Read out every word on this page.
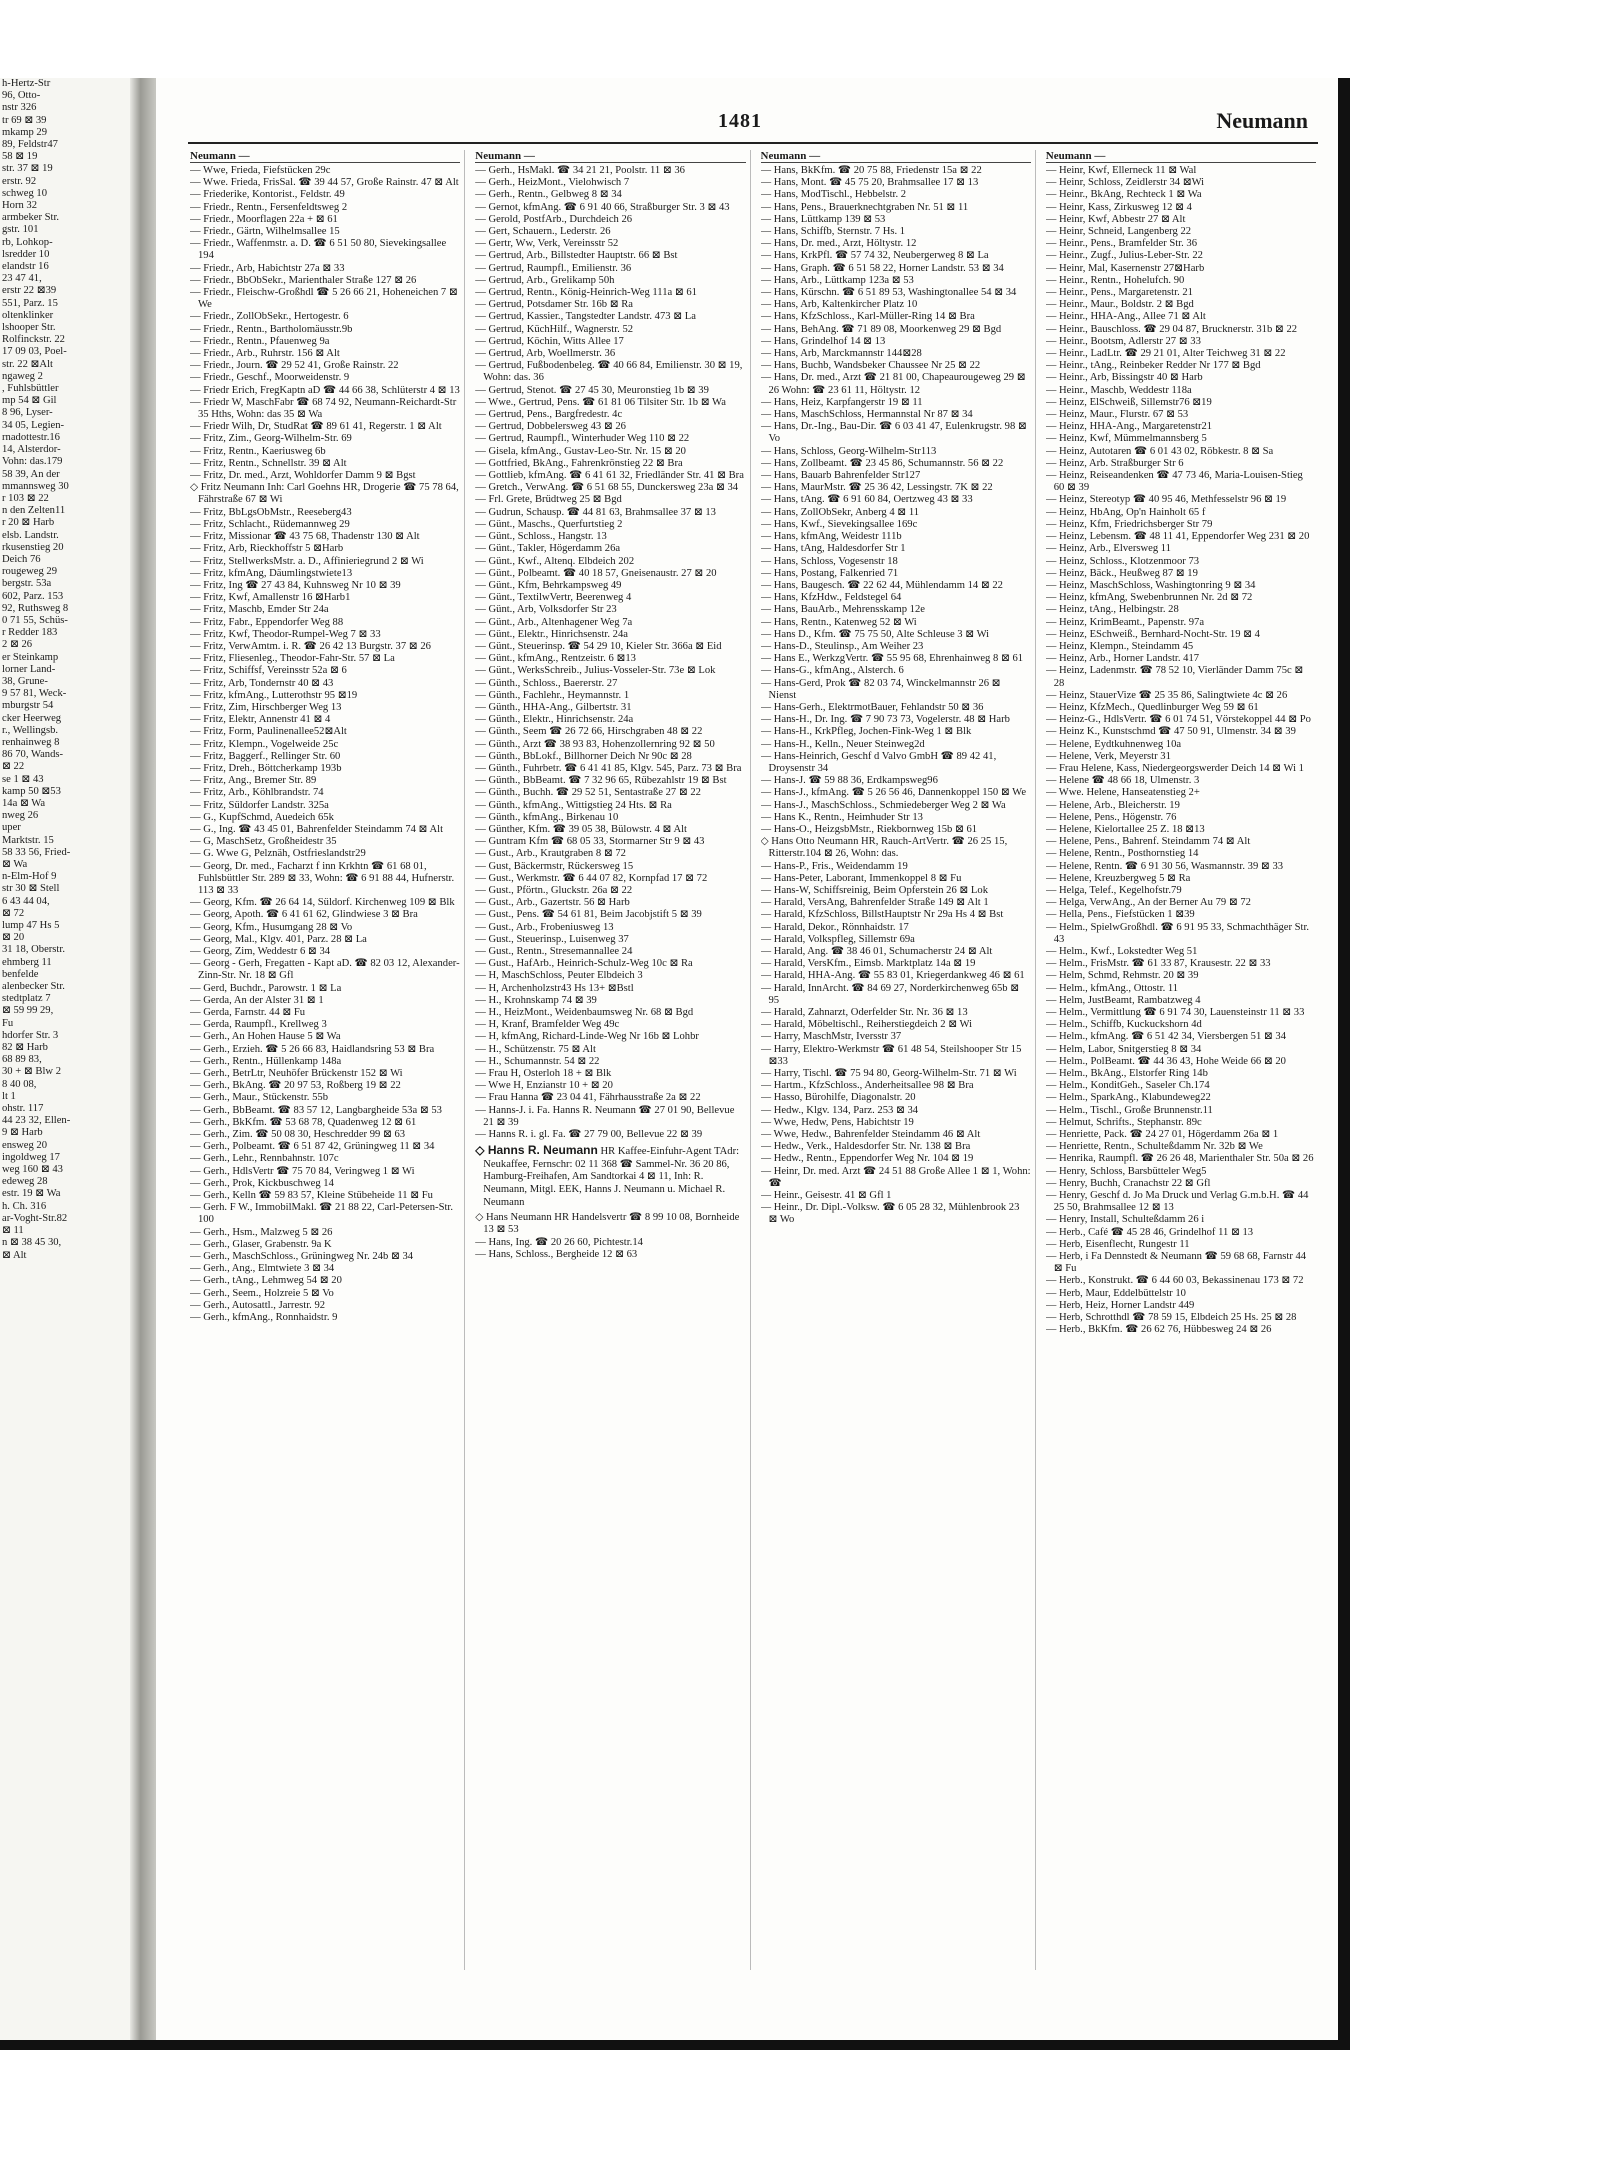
h-Hertz-Str
96, Otto-
nstr 326
tr 69 ⊠ 39
mkamp 29
89, Feldstr47
58 ⊠ 19
str. 37 ⊠ 19
erstr. 92
schweg 10
Horn 32
armbeker Str.
gstr. 101
rb, Lohkop-
lsredder 10
elandstr 16
23 47 41,
erstr 22 ⊠39
551, Parz. 15
oltenklinker
lshooper Str.
Rolfinckstr. 22
17 09 03, Poel-
str. 22 ⊠Alt
ngaweg 2
, Fuhlsbüttler
mp 54 ⊠ Gil
8 96, Lyser-
34 05, Legien-
rnadottestr.16
14, Alsterdor-
Vohn: das.179
58 39, An der
mmannsweg 30
r 103 ⊠ 22
n den Zelten11
r 20 ⊠ Harb
elsb. Landstr.
rkusenstieg 20
Deich 76
rougeweg 29
bergstr. 53a
602, Parz. 153
92, Ruthsweg 8
0 71 55, Schüs-
r Redder 183
2 ⊠ 26
er Steinkamp
lorner Land-
38, Grune-
9 57 81, Weck-
mburgstr 54
cker Heerweg
r., Wellingsb.
renhainweg 8
86 70, Wands-
⊠ 22
se 1 ⊠ 43
kamp 50 ⊠53
14a ⊠ Wa
nweg 26
uper
Marktstr. 15
58 33 56, Fried-
⊠ Wa
n-Elm-Hof 9
str 30 ⊠ Stell
6 43 44 04,
⊠ 72
lump 47 Hs 5
⊠ 20
31 18, Oberstr.
ehmberg 11
benfelde
alenbecker Str.
stedtplatz 7
⊠ 59 99 29,
Fu
hdorfer Str. 3
82 ⊠ Harb
68 89 83,
30 + ⊠ Blw 2
8 40 08,
lt 1
ohstr. 117
44 23 32, Ellen-
9 ⊠ Harb
ensweg 20
ingoldweg 17
weg 160 ⊠ 43
edeweg 28
estr. 19 ⊠ Wa
h. Ch. 316
ar-Voght-Str.82
⊠ 11
n ⊠ 38 45 30,
⊠ Alt
1481	Neumann
Neumann —

— Wwe, Frieda, Fiefstücken 29c

— Wwe. Frieda, FrisSal. ☎ 39 44 57, Große Rainstr. 47 ⊠ Alt

— Friederike, Kontorist., Feldstr. 49

— Friedr., Rentn., Fersenfeldtsweg 2

— Friedr., Moorflagen 22a + ⊠ 61

— Friedr., Gärtn, Wilhelmsallee 15

— Friedr., Waffenmstr. a. D. ☎ 6 51 50 80, Sievekingsallee 194

— Friedr., Arb, Habichtstr 27a ⊠ 33

— Friedr., BbObSekr., Marienthaler Straße 127 ⊠ 26

— Friedr., Fleischw-Großhdl ☎ 5 26 66 21, Hoheneichen 7 ⊠ We

— Friedr., ZollObSekr., Hertogestr. 6

— Friedr., Rentn., Bartholomäusstr.9b

— Friedr., Rentn., Pfauenweg 9a

— Friedr., Arb., Ruhrstr. 156 ⊠ Alt

— Friedr., Journ. ☎ 29 52 41, Große Rainstr. 22

— Friedr., Geschf., Moorweidenstr. 9

— Friedr Erich, FregKaptn aD ☎ 44 66 38, Schlüterstr 4 ⊠ 13

— Friedr W, MaschFabr ☎ 68 74 92, Neumann-Reichardt-Str 35 Hths, Wohn: das 35 ⊠ Wa

— Friedr Wilh, Dr, StudRat ☎ 89 61 41, Regerstr. 1 ⊠ Alt

— Fritz, Zim., Georg-Wilhelm-Str. 69

— Fritz, Rentn., Kaeriusweg 6b

— Fritz, Rentn., Schnellstr. 39 ⊠ Alt

— Fritz, Dr. med., Arzt, Wohldorfer Damm 9 ⊠ Bgst

◇ Fritz Neumann Inh: Carl Goehns HR, Drogerie ☎ 75 78 64, Fährstraße 67 ⊠ Wi

— Fritz, BbLgsObMstr., Reeseberg43

— Fritz, Schlacht., Rüdemannweg 29

— Fritz, Missionar ☎ 43 75 68, Thadenstr 130 ⊠ Alt

— Fritz, Arb, Rieckhoffstr 5 ⊠Harb

— Fritz, StellwerksMstr. a. D., Affinieriegrund 2 ⊠ Wi

— Fritz, kfmAng, Däumlingstwiete13

— Fritz, Ing ☎ 27 43 84, Kuhnsweg Nr 10 ⊠ 39

— Fritz, Kwf, Amallenstr 16 ⊠Harb1

— Fritz, Maschb, Emder Str 24a

— Fritz, Fabr., Eppendorfer Weg 88

— Fritz, Kwf, Theodor-Rumpel-Weg 7 ⊠ 33

— Fritz, VerwAmtm. i. R. ☎ 26 42 13 Burgstr. 37 ⊠ 26

— Fritz, Fliesenleg., Theodor-Fahr-Str. 57 ⊠ La

— Fritz, Schiffsf, Vereinsstr 52a ⊠ 6

— Fritz, Arb, Tondernstr 40 ⊠ 43

— Fritz, kfmAng., Lutterothstr 95 ⊠19

— Fritz, Zim, Hirschberger Weg 13

— Fritz, Elektr, Annenstr 41 ⊠ 4

— Fritz, Form, Paulinenallee52⊠Alt

— Fritz, Klempn., Vogelweide 25c

— Fritz, Baggerf., Rellinger Str. 60

— Fritz, Dreh., Böttcherkamp 193b

— Fritz, Ang., Bremer Str. 89

— Fritz, Arb., Köhlbrandstr. 74

— Fritz, Süldorfer Landstr. 325a

— G., KupfSchmd, Auedeich 65k

— G., Ing. ☎ 43 45 01, Bahrenfelder Steindamm 74 ⊠ Alt

— G, MaschSetz, Großheidestr 35

— G. Wwe G, Pelznäh, Ostfrieslandstr29

— Georg, Dr. med., Facharzt f inn Krkhtn ☎ 61 68 01, Fuhlsbüttler Str. 289 ⊠ 33, Wohn: ☎ 6 91 88 44, Hufnerstr. 113 ⊠ 33

— Georg, Kfm. ☎ 26 64 14, Süldorf. Kirchenweg 109 ⊠ Blk

— Georg, Apoth. ☎ 6 41 61 62, Glindwiese 3 ⊠ Bra

— Georg, Kfm., Husumgang 28 ⊠ Vo

— Georg, Mal., Klgv. 401, Parz. 28 ⊠ La

— Georg, Zim, Weddestr 6 ⊠ 34

— Georg - Gerh, Fregatten - Kapt aD. ☎ 82 03 12, Alexander-Zinn-Str. Nr. 18 ⊠ Gfl

— Gerd, Buchdr., Parowstr. 1 ⊠ La

— Gerda, An der Alster 31 ⊠ 1

— Gerda, Farnstr. 44 ⊠ Fu

— Gerda, Raumpfl., Krellweg 3

— Gerh., An Hohen Hause 5 ⊠ Wa

— Gerh., Erzieh. ☎ 5 26 66 83, Haidlandsring 53 ⊠ Bra

— Gerh., Rentn., Hüllenkamp 148a

— Gerh., BetrLtr, Neuhöfer Brückenstr 152 ⊠ Wi

— Gerh., BkAng. ☎ 20 97 53, Roßberg 19 ⊠ 22

— Gerh., Maur., Stückenstr. 55b

— Gerh., BbBeamt. ☎ 83 57 12, Langbargheide 53a ⊠ 53

— Gerh., BkKfm. ☎ 53 68 78, Quadenweg 12 ⊠ 61

— Gerh., Zim. ☎ 50 08 30, Heschredder 99 ⊠ 63

— Gerh., Polbeamt. ☎ 6 51 87 42, Grüningweg 11 ⊠ 34

— Gerh., Lehr., Rennbahnstr. 107c

— Gerh., HdlsVertr ☎ 75 70 84, Veringweg 1 ⊠ Wi

— Gerh., Prok, Kickbuschweg 14

— Gerh., Kelln ☎ 59 83 57, Kleine Stübeheide 11 ⊠ Fu

— Gerh. F W., ImmobilMakl. ☎ 21 88 22, Carl-Petersen-Str. 100

— Gerh., Hsm., Malzweg 5 ⊠ 26

— Gerh., Glaser, Grabenstr. 9a K

— Gerh., MaschSchloss., Grüningweg Nr. 24b ⊠ 34

— Gerh., Ang., Elmtwiete 3 ⊠ 34

— Gerh., tAng., Lehmweg 54 ⊠ 20

— Gerh., Seem., Holzreie 5 ⊠ Vo

— Gerh., Autosattl., Jarrestr. 92

— Gerh., kfmAng., Ronnhaidstr. 9

Neumann —

— Gerh., HsMakl. ☎ 34 21 21, Poolstr. 11 ⊠ 36

— Gerh., HeizMont., Vielohwisch 7

— Gerh., Rentn., Gelbweg 8 ⊠ 34

— Gernot, kfmAng. ☎ 6 91 40 66, Straßburger Str. 3 ⊠ 43

— Gerold, PostfArb., Durchdeich 26

— Gert, Schauern., Lederstr. 26

— Gertr, Ww, Verk, Vereinsstr 52

— Gertrud, Arb., Billstedter Hauptstr. 66 ⊠ Bst

— Gertrud, Raumpfl., Emilienstr. 36

— Gertrud, Arb., Grelikamp 50h

— Gertrud, Rentn., König-Heinrich-Weg 111a ⊠ 61

— Gertrud, Potsdamer Str. 16b ⊠ Ra

— Gertrud, Kassier., Tangstedter Landstr. 473 ⊠ La

— Gertrud, KüchHilf., Wagnerstr. 52

— Gertrud, Köchin, Witts Allee 17

— Gertrud, Arb, Woellmerstr. 36

— Gertrud, Fußbodenbeleg. ☎ 40 66 84, Emilienstr. 30 ⊠ 19, Wohn: das. 36

— Gertrud, Stenot. ☎ 27 45 30, Meuronstieg 1b ⊠ 39

— Wwe., Gertrud, Pens. ☎ 61 81 06 Tilsiter Str. 1b ⊠ Wa

— Gertrud, Pens., Bargfredestr. 4c

— Gertrud, Dobbelersweg 43 ⊠ 26

— Gertrud, Raumpfl., Winterhuder Weg 110 ⊠ 22

— Gisela, kfmAng., Gustav-Leo-Str. Nr. 15 ⊠ 20

— Gottfried, BkAng., Fahrenkrönstieg 22 ⊠ Bra

— Gottlieb, kfmAng. ☎ 6 41 61 32, Friedländer Str. 41 ⊠ Bra

— Gretch., VerwAng. ☎ 6 51 68 55, Dunckersweg 23a ⊠ 34

— Frl. Grete, Brüdtweg 25 ⊠ Bgd

— Gudrun, Schausp. ☎ 44 81 63, Brahmsallee 37 ⊠ 13

— Günt., Maschs., Querfurtstieg 2

— Günt., Schloss., Hangstr. 13

— Günt., Takler, Högerdamm 26a

— Günt., Kwf., Altenq. Elbdeich 202

— Günt., Polbeamt. ☎ 40 18 57, Gneisenaustr. 27 ⊠ 20

— Günt., Kfm, Behrkampsweg 49

— Günt., TextilwVertr, Beerenweg 4

— Günt., Arb, Volksdorfer Str 23

— Günt., Arb., Altenhagener Weg 7a

— Günt., Elektr., Hinrichsenstr. 24a

— Günt., Steuerinsp. ☎ 54 29 10, Kieler Str. 366a ⊠ Eid

— Günt., kfmAng., Rentzeistr. 6 ⊠13

— Günt., WerksSchreib., Julius-Vosseler-Str. 73e ⊠ Lok

— Günth., Schloss., Baererstr. 27

— Günth., Fachlehr., Heymannstr. 1

— Günth., HHA-Ang., Gilbertstr. 31

— Günth., Elektr., Hinrichsenstr. 24a

— Günth., Seem ☎ 26 72 66, Hirschgraben 48 ⊠ 22

— Günth., Arzt ☎ 38 93 83, Hohenzollernring 92 ⊠ 50

— Günth., BbLokf., Billhorner Deich Nr 90c ⊠ 28

— Günth., Fuhrbetr. ☎ 6 41 41 85, Klgv. 545, Parz. 73 ⊠ Bra

— Günth., BbBeamt. ☎ 7 32 96 65, Rübezahlstr 19 ⊠ Bst

— Günth., Buchh. ☎ 29 52 51, Sentastraße 27 ⊠ 22

— Günth., kfmAng., Wittigstieg 24 Hts. ⊠ Ra

— Günth., kfmAng., Birkenau 10

— Günther, Kfm. ☎ 39 05 38, Bülowstr. 4 ⊠ Alt

— Guntram Kfm ☎ 68 05 33, Stormarner Str 9 ⊠ 43

— Gust., Arb., Krautgraben 8 ⊠ 72

— Gust, Bäckermstr, Rückersweg 15

— Gust., Werkmstr. ☎ 6 44 07 82, Kornpfad 17 ⊠ 72

— Gust., Pförtn., Gluckstr. 26a ⊠ 22

— Gust., Arb., Gazertstr. 56 ⊠ Harb

— Gust., Pens. ☎ 54 61 81, Beim Jacobjstift 5 ⊠ 39

— Gust., Arb., Frobeniusweg 13

— Gust., Steuerinsp., Luisenweg 37

— Gust., Rentn., Stresemannallee 24

— Gust., HafArb., Heinrich-Schulz-Weg 10c ⊠ Ra

— H, MaschSchloss, Peuter Elbdeich 3

— H, Archenholzstr43 Hs 13+ ⊠Bstl

— H., Krohnskamp 74 ⊠ 39

— H., HeizMont., Weidenbaumsweg Nr. 68 ⊠ Bgd

— H, Kranf, Bramfelder Weg 49c

— H, kfmAng, Richard-Linde-Weg Nr 16b ⊠ Lohbr

— H., Schützenstr. 75 ⊠ Alt

— H., Schumannstr. 54 ⊠ 22

— Frau H, Osterloh 18 + ⊠ Blk

— Wwe H, Enzianstr 10 + ⊠ 20

— Frau Hanna ☎ 23 04 41, Fährhausstraße 2a ⊠ 22

— Hanns-J. i. Fa. Hanns R. Neumann ☎ 27 01 90, Bellevue 21 ⊠ 39

— Hanns R. i. gl. Fa. ☎ 27 79 00, Bellevue 22 ⊠ 39

◇ Hanns R. Neumann HR Kaffee-Einfuhr-Agent TAdr: Neukaffee, Fernschr: 02 11 368 ☎ Sammel-Nr. 36 20 86, Hamburg-Freihafen, Am Sandtorkai 4 ⊠ 11, Inh: R. Neumann, Mitgl. EEK, Hanns J. Neumann u. Michael R. Neumann

◇ Hans Neumann HR Handelsvertr ☎ 8 99 10 08, Bornheide 13 ⊠ 53

— Hans, Ing. ☎ 20 26 60, Pichtestr.14

— Hans, Schloss., Bergheide 12 ⊠ 63

Neumann —

— Hans, BkKfm. ☎ 20 75 88, Friedenstr 15a ⊠ 22

— Hans, Mont. ☎ 45 75 20, Brahmsallee 17 ⊠ 13

— Hans, ModTischl., Hebbelstr. 2

— Hans, Pens., Brauerknechtgraben Nr. 51 ⊠ 11

— Hans, Lüttkamp 139 ⊠ 53

— Hans, Schiffb, Sternstr. 7 Hs. 1

— Hans, Dr. med., Arzt, Höltystr. 12

— Hans, KrkPfl. ☎ 57 74 32, Neubergerweg 8 ⊠ La

— Hans, Graph. ☎ 6 51 58 22, Horner Landstr. 53 ⊠ 34

— Hans, Arb., Lüttkamp 123a ⊠ 53

— Hans, Kürschn. ☎ 6 51 89 53, Washingtonallee 54 ⊠ 34

— Hans, Arb, Kaltenkircher Platz 10

— Hans, KfzSchloss., Karl-Müller-Ring 14 ⊠ Bra

— Hans, BehAng. ☎ 71 89 08, Moorkenweg 29 ⊠ Bgd

— Hans, Grindelhof 14 ⊠ 13

— Hans, Arb, Marckmannstr 144⊠28

— Hans, Buchb, Wandsbeker Chaussee Nr 25 ⊠ 22

— Hans, Dr. med., Arzt ☎ 21 81 00, Chapeaurougeweg 29 ⊠ 26 Wohn: ☎ 23 61 11, Höltystr. 12

— Hans, Heiz, Karpfangerstr 19 ⊠ 11

— Hans, MaschSchloss, Hermannstal Nr 87 ⊠ 34

— Hans, Dr.-Ing., Bau-Dir. ☎ 6 03 41 47, Eulenkrugstr. 98 ⊠ Vo

— Hans, Schloss, Georg-Wilhelm-Str113

— Hans, Zollbeamt. ☎ 23 45 86, Schumannstr. 56 ⊠ 22

— Hans, Bauarb Bahrenfelder Str127

— Hans, MaurMstr. ☎ 25 36 42, Lessingstr. 7K ⊠ 22

— Hans, tAng. ☎ 6 91 60 84, Oertzweg 43 ⊠ 33

— Hans, ZollObSekr, Anberg 4 ⊠ 11

— Hans, Kwf., Sievekingsallee 169c

— Hans, kfmAng, Weidestr 111b

— Hans, tAng, Haldesdorfer Str 1

— Hans, Schloss, Vogesenstr 18

— Hans, Postang, Falkenried 71

— Hans, Baugesch. ☎ 22 62 44, Mühlendamm 14 ⊠ 22

— Hans, KfzHdw., Feldstegel 64

— Hans, BauArb., Mehrensskamp 12e

— Hans, Rentn., Katenweg 52 ⊠ Wi

— Hans D., Kfm. ☎ 75 75 50, Alte Schleuse 3 ⊠ Wi

— Hans-D., Steulinsp., Am Weiher 23

— Hans E., WerkzgVertr. ☎ 55 95 68, Ehrenhainweg 8 ⊠ 61

— Hans-G., kfmAng., Alsterch. 6

— Hans-Gerd, Prok ☎ 82 03 74, Winckelmannstr 26 ⊠ Nienst

— Hans-Gerh., ElektrmotBauer, Fehlandstr 50 ⊠ 36

— Hans-H., Dr. Ing. ☎ 7 90 73 73, Vogelerstr. 48 ⊠ Harb

— Hans-H., KrkPfleg, Jochen-Fink-Weg 1 ⊠ Blk

— Hans-H., Kelln., Neuer Steinweg2d

— Hans-Heinrich, Geschf d Valvo GmbH ☎ 89 42 41, Droysenstr 34

— Hans-J. ☎ 59 88 36, Erdkampsweg96

— Hans-J., kfmAng. ☎ 5 26 56 46, Dannenkoppel 150 ⊠ We

— Hans-J., MaschSchloss., Schmiedeberger Weg 2 ⊠ Wa

— Hans K., Rentn., Heimhuder Str 13

— Hans-O., HeizgsbMstr., Riekbornweg 15b ⊠ 61

◇ Hans Otto Neumann HR, Rauch-ArtVertr. ☎ 26 25 15, Ritterstr.104 ⊠ 26, Wohn: das.

— Hans-P., Fris., Weidendamm 19

— Hans-Peter, Laborant, Immenkoppel 8 ⊠ Fu

— Hans-W, Schiffsreinig, Beim Opferstein 26 ⊠ Lok

— Harald, VersAng, Bahrenfelder Straße 149 ⊠ Alt 1

— Harald, KfzSchloss, BillstHauptstr Nr 29a Hs 4 ⊠ Bst

— Harald, Dekor., Rönnhaidstr. 17

— Harald, Volkspfleg, Sillemstr 69a

— Harald, Ang. ☎ 38 46 01, Schumacherstr 24 ⊠ Alt

— Harald, VersKfm., Eimsb. Marktplatz 14a ⊠ 19

— Harald, HHA-Ang. ☎ 55 83 01, Kriegerdankweg 46 ⊠ 61

— Harald, InnArcht. ☎ 84 69 27, Norderkirchenweg 65b ⊠ 95

— Harald, Zahnarzt, Oderfelder Str. Nr. 36 ⊠ 13

— Harald, Möbeltischl., Reiherstiegdeich 2 ⊠ Wi

— Harry, MaschMstr, Iversstr 37

— Harry, Elektro-Werkmstr ☎ 61 48 54, Steilshooper Str 15 ⊠33

— Harry, Tischl. ☎ 75 94 80, Georg-Wilhelm-Str. 71 ⊠ Wi

— Hartm., KfzSchloss., Anderheitsallee 98 ⊠ Bra

— Hasso, Bürohilfe, Diagonalstr. 20

— Hedw., Klgv. 134, Parz. 253 ⊠ 34

— Wwe, Hedw, Pens, Habichtstr 19

— Wwe, Hedw., Bahrenfelder Steindamm 46 ⊠ Alt

— Hedw., Verk., Haldesdorfer Str. Nr. 138 ⊠ Bra

— Hedw., Rentn., Eppendorfer Weg Nr. 104 ⊠ 19

— Heinr, Dr. med. Arzt ☎ 24 51 88 Große Allee 1 ⊠ 1, Wohn: ☎

— Heinr., Geisestr. 41 ⊠ Gfl 1

— Heinr., Dr. Dipl.-Volksw. ☎ 6 05 28 32, Mühlenbrook 23 ⊠ Wo

Neumann —

— Heinr, Kwf, Ellerneck 11 ⊠ Wal

— Heinr, Schloss, Zeidlerstr 34 ⊠Wi

— Heinr., BkAng, Rechteck 1 ⊠ Wa

— Heinr, Kass, Zirkusweg 12 ⊠ 4

— Heinr, Kwf, Abbestr 27 ⊠ Alt

— Heinr, Schneid, Langenberg 22

— Heinr., Pens., Bramfelder Str. 36

— Heinr., Zugf., Julius-Leber-Str. 22

— Heinr, Mal, Kasernenstr 27⊠Harb

— Heinr., Rentn., Hohelufch. 90

— Heinr., Pens., Margaretenstr. 21

— Heinr., Maur., Boldstr. 2 ⊠ Bgd

— Heinr., HHA-Ang., Allee 71 ⊠ Alt

— Heinr., Bauschloss. ☎ 29 04 87, Brucknerstr. 31b ⊠ 22

— Heinr., Bootsm, Adlerstr 27 ⊠ 33

— Heinr., LadLtr. ☎ 29 21 01, Alter Teichweg 31 ⊠ 22

— Heinr., tAng., Reinbeker Redder Nr 177 ⊠ Bgd

— Heinr., Arb, Bissingstr 40 ⊠ Harb

— Heinr., Maschb, Weddestr 118a

— Heinz, ElSchweiß, Sillemstr76 ⊠19

— Heinz, Maur., Flurstr. 67 ⊠ 53

— Heinz, HHA-Ang., Margaretenstr21

— Heinz, Kwf, Mümmelmannsberg 5

— Heinz, Autotaren ☎ 6 01 43 02, Röbkestr. 8 ⊠ Sa

— Heinz, Arb. Straßburger Str 6

— Heinz, Reiseandenken ☎ 47 73 46, Maria-Louisen-Stieg 60 ⊠ 39

— Heinz, Stereotyp ☎ 40 95 46, Methfesselstr 96 ⊠ 19

— Heinz, HbAng, Op'n Hainholt 65 f

— Heinz, Kfm, Friedrichsberger Str 79

— Heinz, Lebensm. ☎ 48 11 41, Eppendorfer Weg 231 ⊠ 20

— Heinz, Arb., Elversweg 11

— Heinz, Schloss., Klotzenmoor 73

— Heinz, Bäck., Heußweg 87 ⊠ 19

— Heinz, MaschSchloss, Washingtonring 9 ⊠ 34

— Heinz, kfmAng, Swebenbrunnen Nr. 2d ⊠ 72

— Heinz, tAng., Helbingstr. 28

— Heinz, KrimBeamt., Papenstr. 97a

— Heinz, ESchweiß., Bernhard-Nocht-Str. 19 ⊠ 4

— Heinz, Klempn., Steindamm 45

— Heinz, Arb., Horner Landstr. 417

— Heinz, Ladenmstr. ☎ 78 52 10, Vierländer Damm 75c ⊠ 28

— Heinz, StauerVize ☎ 25 35 86, Salingtwiete 4c ⊠ 26

— Heinz, KfzMech., Quedlinburger Weg 59 ⊠ 61

— Heinz-G., HdlsVertr. ☎ 6 01 74 51, Vörstekoppel 44 ⊠ Po

— Heinz K., Kunstschmd ☎ 47 50 91, Ulmenstr. 34 ⊠ 39

— Helene, Eydtkuhnenweg 10a

— Helene, Verk, Meyerstr 31

— Frau Helene, Kass, Niedergeorgswerder Deich 14 ⊠ Wi 1

— Helene ☎ 48 66 18, Ulmenstr. 3

— Wwe. Helene, Hanseatenstieg 2+

— Helene, Arb., Bleicherstr. 19

— Helene, Pens., Högenstr. 76

— Helene, Kielortallee 25 Z. 18 ⊠13

— Helene, Pens., Bahrenf. Steindamm 74 ⊠ Alt

— Helene, Rentn., Posthornstieg 14

— Helene, Rentn. ☎ 6 91 30 56, Wasmannstr. 39 ⊠ 33

— Helene, Kreuzbergweg 5 ⊠ Ra

— Helga, Telef., Kegelhofstr.79

— Helga, VerwAng., An der Berner Au 79 ⊠ 72

— Hella, Pens., Fiefstücken 1 ⊠39

— Helm., SpielwGroßhdl. ☎ 6 91 95 33, Schmachthäger Str. 43

— Helm., Kwf., Lokstedter Weg 51

— Helm., FrisMstr. ☎ 61 33 87, Krausestr. 22 ⊠ 33

— Helm, Schmd, Rehmstr. 20 ⊠ 39

— Helm., kfmAng., Ottostr. 11

— Helm, JustBeamt, Rambatzweg 4

— Helm., Vermittlung ☎ 6 91 74 30, Lauensteinstr 11 ⊠ 33

— Helm., Schiffb, Kuckuckshorn 4d

— Helm., kfmAng. ☎ 6 51 42 34, Viersbergen 51 ⊠ 34

— Helm, Labor, Snitgerstieg 8 ⊠ 34

— Helm., PolBeamt. ☎ 44 36 43, Hohe Weide 66 ⊠ 20

— Helm., BkAng., Elstorfer Ring 14b

— Helm., KonditGeh., Saseler Ch.174

— Helm., SparkAng., Klabundeweg22

— Helm., Tischl., Große Brunnenstr.11

— Helmut, Schrifts., Stephanstr. 89c

— Henriette, Pack. ☎ 24 27 01, Högerdamm 26a ⊠ 1

— Henriette, Rentn., Schulteßdamm Nr. 32b ⊠ We

— Henrika, Raumpfl. ☎ 26 26 48, Marienthaler Str. 50a ⊠ 26

— Henry, Schloss, Barsbütteler Weg5

— Henry, Buchh, Cranachstr 22 ⊠ Gfl

— Henry, Geschf d. Jo Ma Druck und Verlag G.m.b.H. ☎ 44 25 50, Brahmsallee 12 ⊠ 13

— Henry, Install, Schulteßdamm 26 i

— Herb., Café ☎ 45 28 46, Grindelhof 11 ⊠ 13

— Herb, Eisenflecht, Rungestr 11

— Herb, i Fa Dennstedt & Neumann ☎ 59 68 68, Farnstr 44 ⊠ Fu

— Herb., Konstrukt. ☎ 6 44 60 03, Bekassinenau 173 ⊠ 72

— Herb, Maur, Eddelbüttelstr 10

— Herb, Heiz, Horner Landstr 449

— Herb, Schrotthdl ☎ 78 59 15, Elbdeich 25 Hs. 25 ⊠ 28

— Herb., BkKfm. ☎ 26 62 76, Hübbesweg 24 ⊠ 26
